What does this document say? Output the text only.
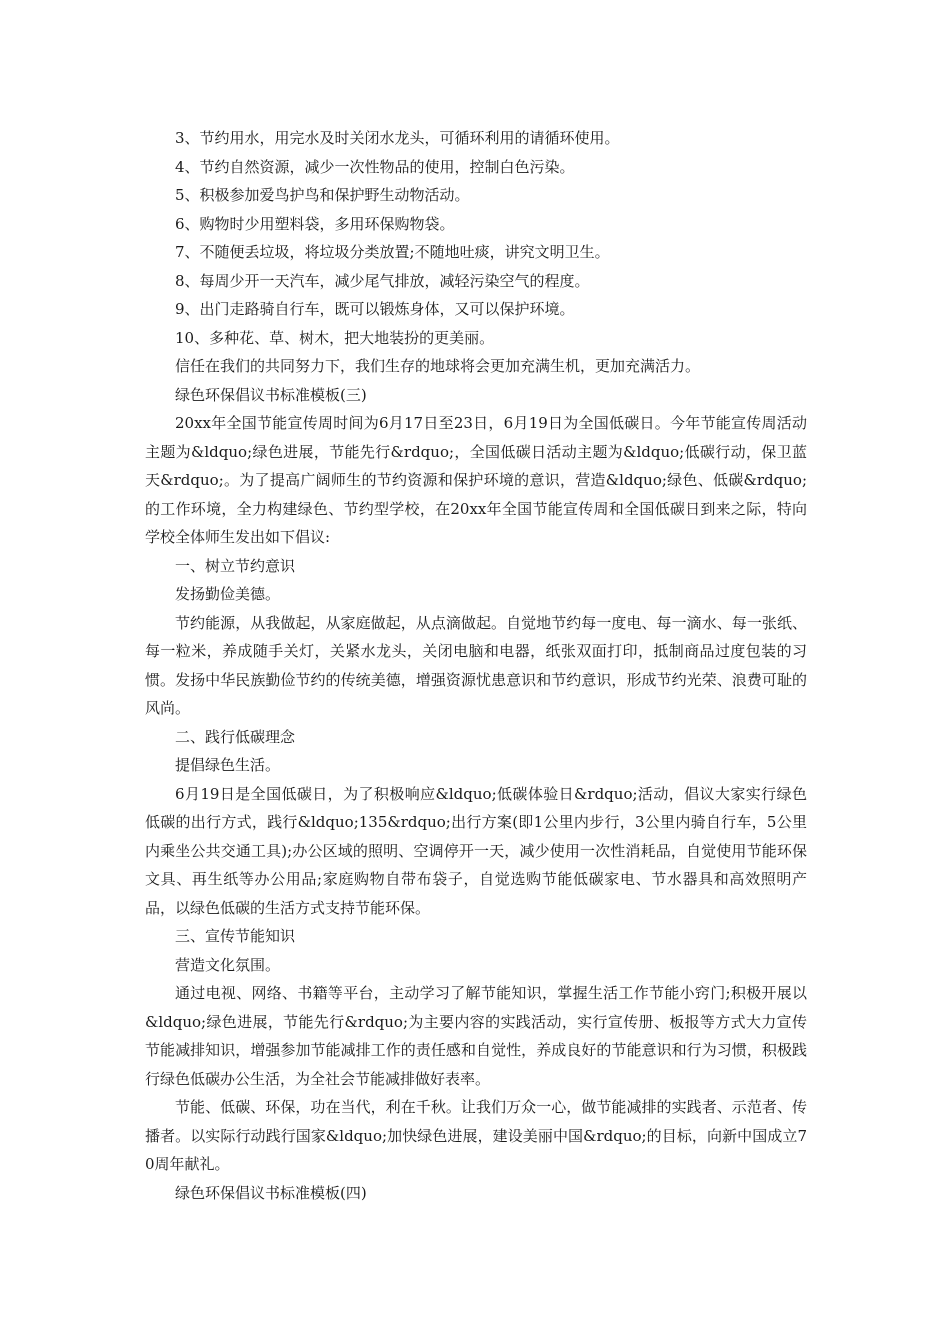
3、节约用水，用完水及时关闭水龙头，可循环利用的请循环使用。

4、节约自然资源，减少一次性物品的使用，控制白色污染。

5、积极参加爱鸟护鸟和保护野生动物活动。

6、购物时少用塑料袋，多用环保购物袋。

7、不随便丢垃圾，将垃圾分类放置;不随地吐痰，讲究文明卫生。

8、每周少开一天汽车，减少尾气排放，减轻污染空气的程度。

9、出门走路骑自行车，既可以锻炼身体，又可以保护环境。

10、多种花、草、树木，把大地装扮的更美丽。

信任在我们的共同努力下，我们生存的地球将会更加充满生机，更加充满活力。

绿色环保倡议书标准模板(三)

20xx年全国节能宣传周时间为6月17日至23日，6月19日为全国低碳日。今年节能宣传周活动主题为&ldquo;绿色进展，节能先行&rdquo;，全国低碳日活动主题为&ldquo;低碳行动，保卫蓝天&rdquo;。为了提高广阔师生的节约资源和保护环境的意识，营造&ldquo;绿色、低碳&rdquo;的工作环境，全力构建绿色、节约型学校，在20xx年全国节能宣传周和全国低碳日到来之际，特向学校全体师生发出如下倡议:

一、树立节约意识

发扬勤俭美德。

节约能源，从我做起，从家庭做起，从点滴做起。自觉地节约每一度电、每一滴水、每一张纸、每一粒米，养成随手关灯，关紧水龙头，关闭电脑和电器，纸张双面打印，抵制商品过度包装的习惯。发扬中华民族勤俭节约的传统美德，增强资源忧患意识和节约意识，形成节约光荣、浪费可耻的风尚。

二、践行低碳理念

提倡绿色生活。

6月19日是全国低碳日，为了积极响应&ldquo;低碳体验日&rdquo;活动，倡议大家实行绿色低碳的出行方式，践行&ldquo;135&rdquo;出行方案(即1公里内步行，3公里内骑自行车，5公里内乘坐公共交通工具);办公区域的照明、空调停开一天，减少使用一次性消耗品，自觉使用节能环保文具、再生纸等办公用品;家庭购物自带布袋子，自觉选购节能低碳家电、节水器具和高效照明产品，以绿色低碳的生活方式支持节能环保。

三、宣传节能知识

营造文化氛围。

通过电视、网络、书籍等平台，主动学习了解节能知识，掌握生活工作节能小窍门;积极开展以&ldquo;绿色进展，节能先行&rdquo;为主要内容的实践活动，实行宣传册、板报等方式大力宣传节能减排知识，增强参加节能减排工作的责任感和自觉性，养成良好的节能意识和行为习惯，积极践行绿色低碳办公生活，为全社会节能减排做好表率。

节能、低碳、环保，功在当代，利在千秋。让我们万众一心，做节能减排的实践者、示范者、传播者。以实际行动践行国家&ldquo;加快绿色进展，建设美丽中国&rdquo;的目标，向新中国成立70周年献礼。

绿色环保倡议书标准模板(四)
